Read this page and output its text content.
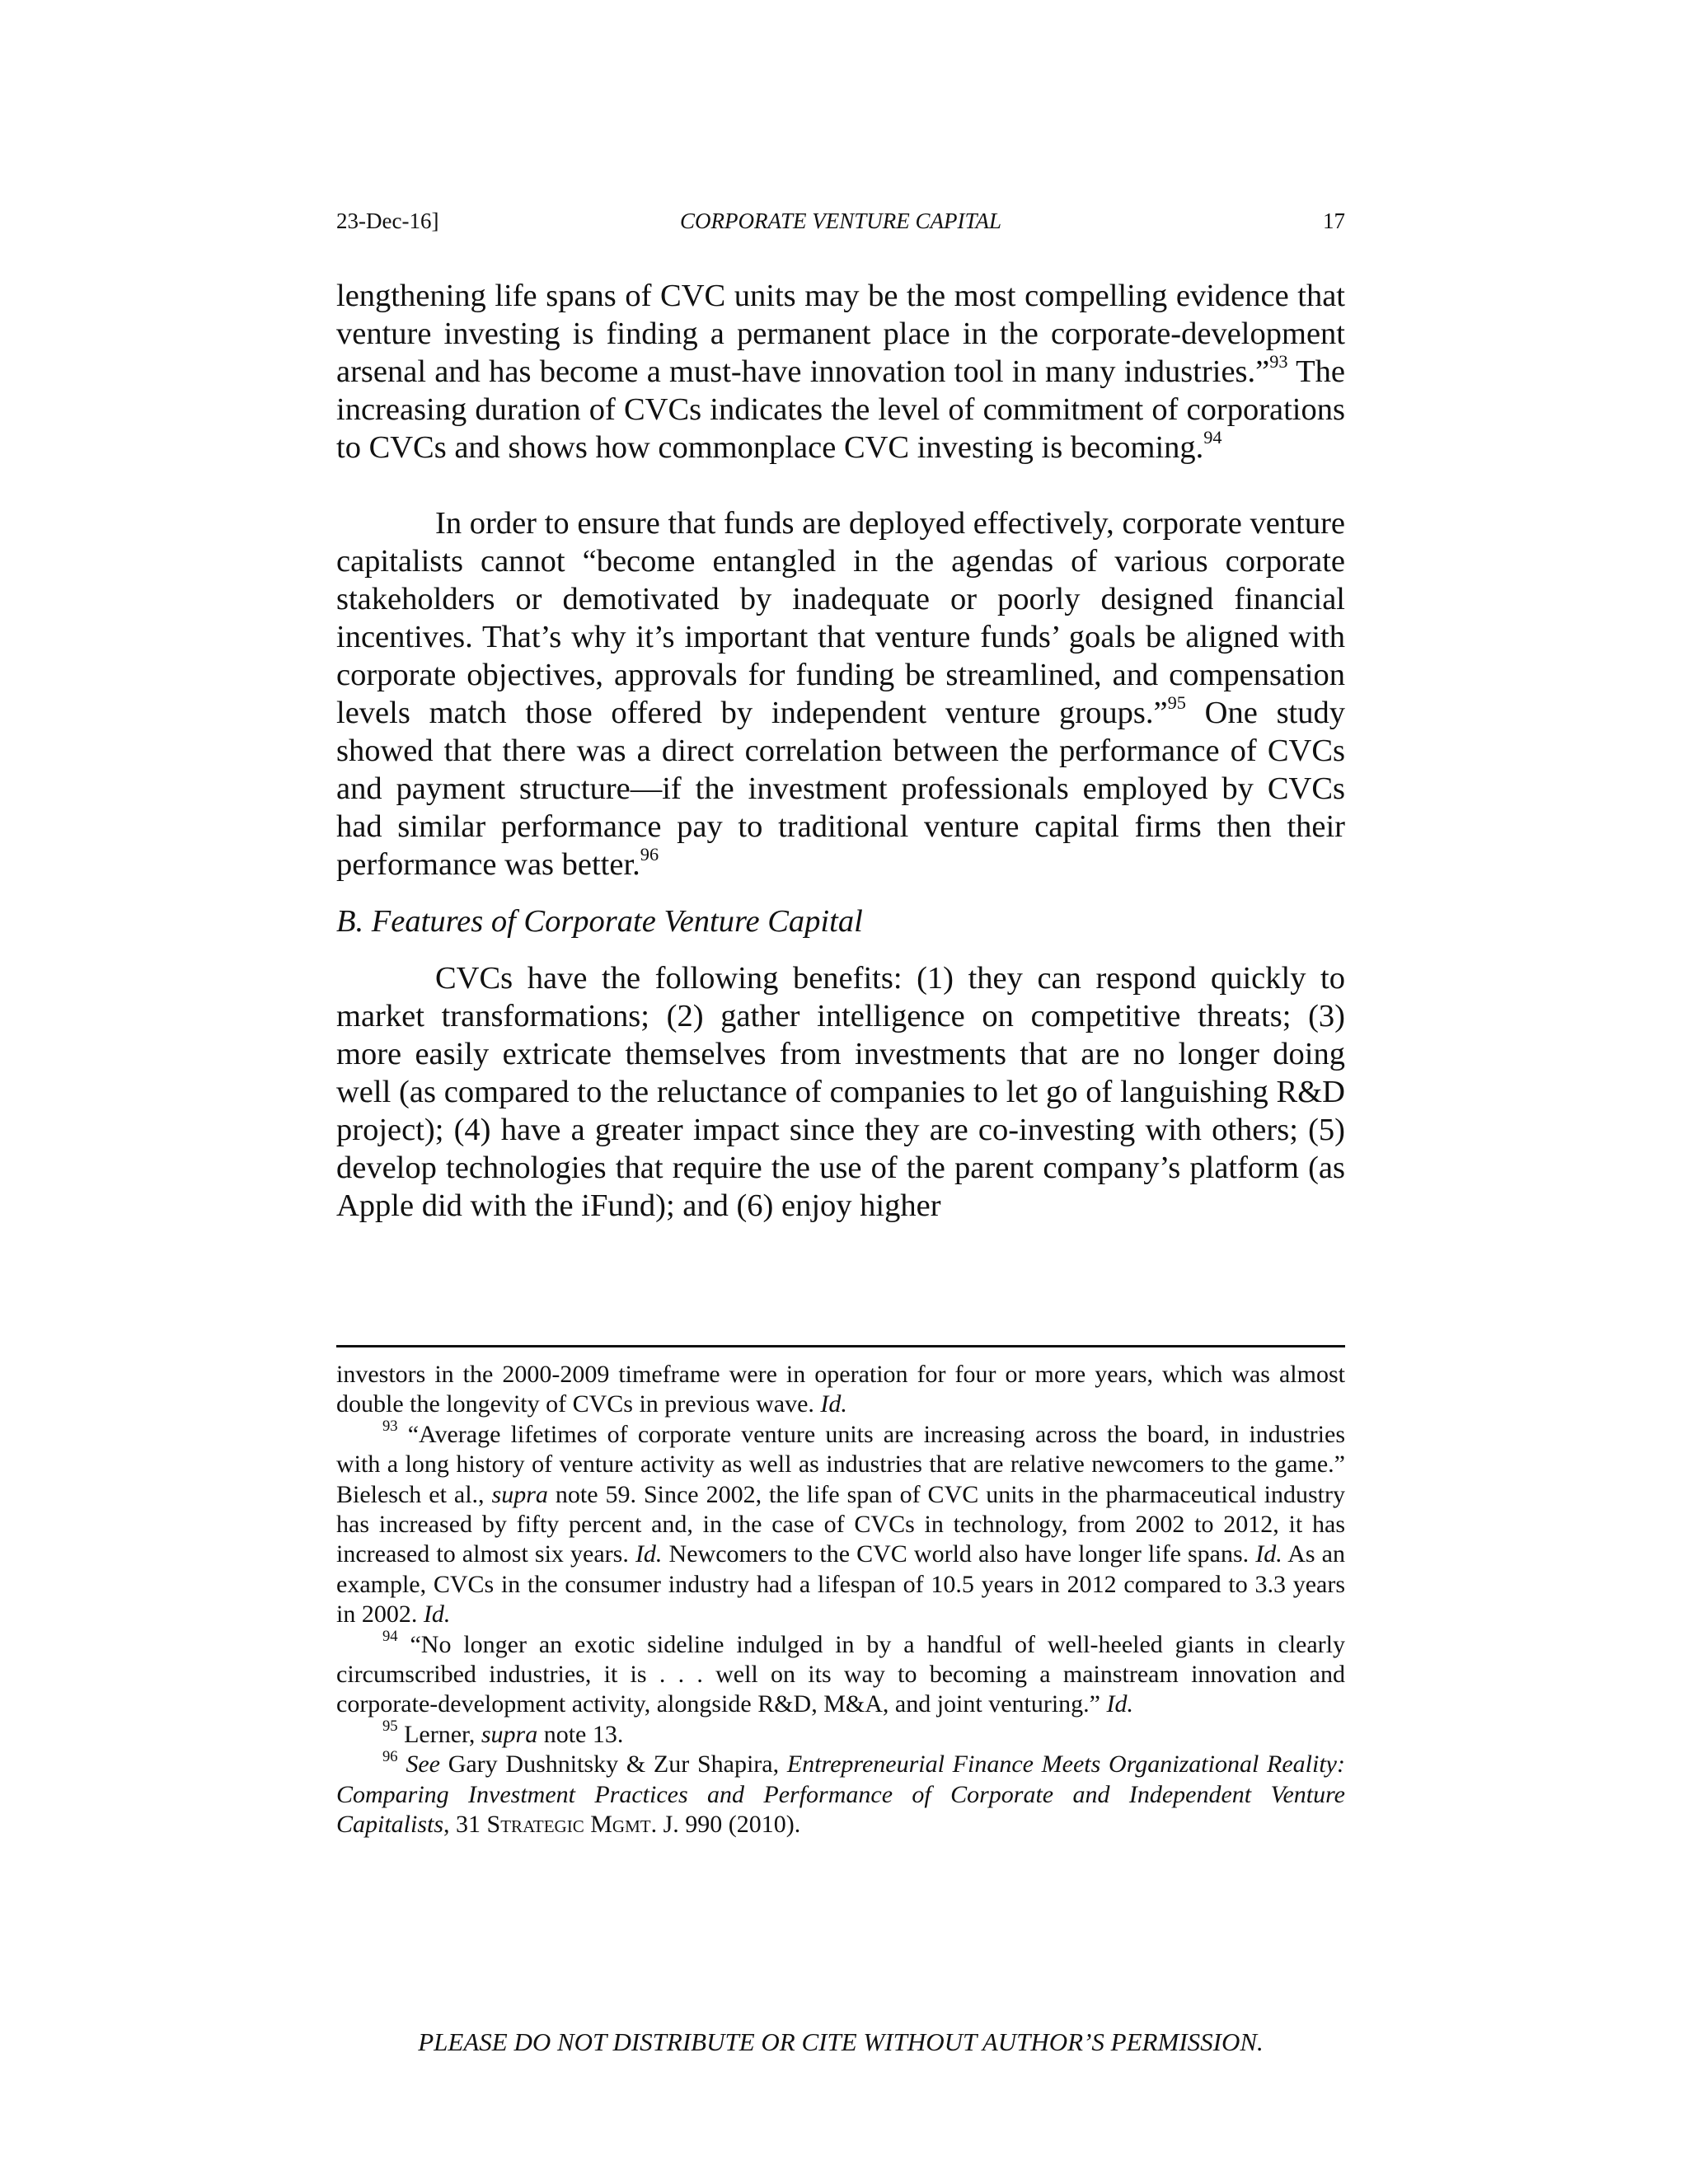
23-Dec-16]	CORPORATE VENTURE CAPITAL	17

lengthening life spans of CVC units may be the most compelling evidence that venture investing is finding a permanent place in the corporate-development arsenal and has become a must-have innovation tool in many industries.”$^{93}$ The increasing duration of CVCs indicates the level of commitment of corporations to CVCs and shows how commonplace CVC investing is becoming.$^{94}$

In order to ensure that funds are deployed effectively, corporate venture capitalists cannot “become entangled in the agendas of various corporate stakeholders or demotivated by inadequate or poorly designed financial incentives. That’s why it’s important that venture funds’ goals be aligned with corporate objectives, approvals for funding be streamlined, and compensation levels match those offered by independent venture groups.”$^{95}$ One study showed that there was a direct correlation between the performance of CVCs and payment structure—if the investment professionals employed by CVCs had similar performance pay to traditional venture capital firms then their performance was better.$^{96}$

B. Features of Corporate Venture Capital

CVCs have the following benefits: (1) they can respond quickly to market transformations; (2) gather intelligence on competitive threats; (3) more easily extricate themselves from investments that are no longer doing well (as compared to the reluctance of companies to let go of languishing R&D project); (4) have a greater impact since they are co-investing with others; (5) develop technologies that require the use of the parent company’s platform (as Apple did with the iFund); and (6) enjoy higher

investors in the 2000-2009 timeframe were in operation for four or more years, which was almost double the longevity of CVCs in previous wave. Id.

$^{93}$ “Average lifetimes of corporate venture units are increasing across the board, in industries with a long history of venture activity as well as industries that are relative newcomers to the game.” Bielesch et al., supra note 59. Since 2002, the life span of CVC units in the pharmaceutical industry has increased by fifty percent and, in the case of CVCs in technology, from 2002 to 2012, it has increased to almost six years. Id. Newcomers to the CVC world also have longer life spans. Id. As an example, CVCs in the consumer industry had a lifespan of 10.5 years in 2012 compared to 3.3 years in 2002. Id.

$^{94}$ “No longer an exotic sideline indulged in by a handful of well-heeled giants in clearly circumscribed industries, it is . . . well on its way to becoming a mainstream innovation and corporate-development activity, alongside R&D, M&A, and joint venturing.” Id.

$^{95}$ Lerner, supra note 13.

$^{96}$ See Gary Dushnitsky & Zur Shapira, Entrepreneurial Finance Meets Organizational Reality: Comparing Investment Practices and Performance of Corporate and Independent Venture Capitalists, 31 Strategic Mgmt. J. 990 (2010).

PLEASE DO NOT DISTRIBUTE OR CITE WITHOUT AUTHOR’S PERMISSION.
